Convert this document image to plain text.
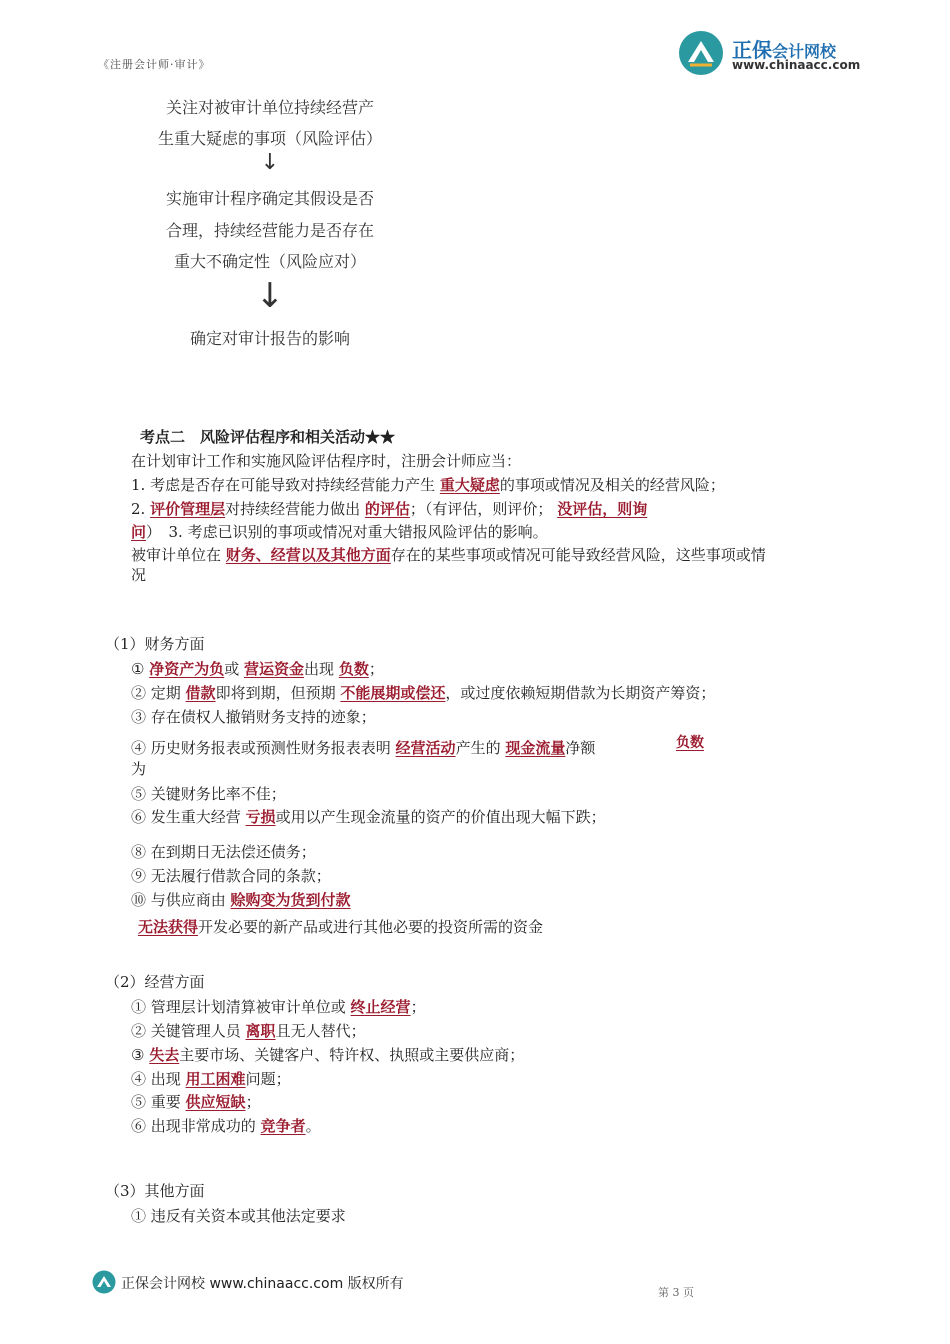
《注册会计师·审计》
正保会计网校
www.chinaacc.com
关注对被审计单位持续经营产
生重大疑虑的事项（风险评估）
↓
实施审计程序确定其假设是否
合理，持续经营能力是否存在
重大不确定性（风险应对）
↓
确定对审计报告的影响
考点二　风险评估程序和相关活动★★
在计划审计工作和实施风险评估程序时，注册会计师应当：
1. 考虑是否存在可能导致对持续经营能力产生 重大疑虑的事项或情况及相关的经营风险；
2. 评价管理层对持续经营能力做出 的评估；（有评估，则评价； 没评估，则询
问）　3. 考虑已识别的事项或情况对重大错报风险评估的影响。
被审计单位在 财务、经营以及其他方面存在的某些事项或情况可能导致经营风险，这些事项或情
况
（1）财务方面
① 净资产为负或 营运资金出现 负数；
② 定期 借款即将到期，但预期 不能展期或偿还，或过度依赖短期借款为长期资产筹资；
③ 存在债权人撤销财务支持的迹象；
④ 历史财务报表或预测性财务报表表明 经营活动产生的 现金流量净额	负数
为
⑤ 关键财务比率不佳；
⑥ 发生重大经营 亏损或用以产生现金流量的资产的价值出现大幅下跌；
⑧ 在到期日无法偿还债务；
⑨ 无法履行借款合同的条款；
⑩ 与供应商由 赊购变为货到付款
无法获得开发必要的新产品或进行其他必要的投资所需的资金
（2）经营方面
① 管理层计划清算被审计单位或 终止经营；
② 关键管理人员 离职且无人替代；
③ 失去主要市场、关键客户、特许权、执照或主要供应商；
④ 出现 用工困难问题；
⑤ 重要 供应短缺；
⑥ 出现非常成功的 竞争者。
（3）其他方面
① 违反有关资本或其他法定要求
正保会计网校 www.chinaacc.com 版权所有
第 3 页
